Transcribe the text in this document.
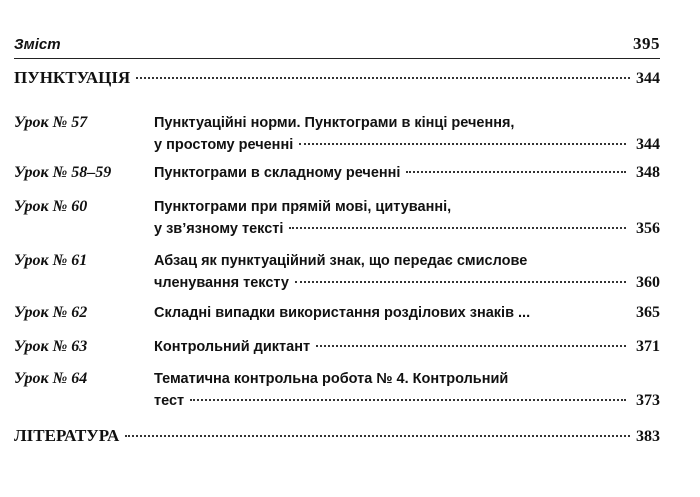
Зміст	395
ПУНКТУАЦІЯ	344
Урок № 57	Пунктуаційні норми. Пунктограми в кінці речення,
у простому реченні	344
Урок № 58–59	Пунктограми в складному реченні	348
Урок № 60	Пунктограми при прямій мові, цитуванні,
у зв’язному тексті	356
Урок № 61	Абзац як пунктуаційний знак, що передає смислове
членування тексту	360
Урок № 62	Складні випадки використання розділових знаків ...	365
Урок № 63	Контрольний диктант	371
Урок № 64	Тематична контрольна робота № 4. Контрольний
тест	373
ЛІТЕРАТУРА	383
